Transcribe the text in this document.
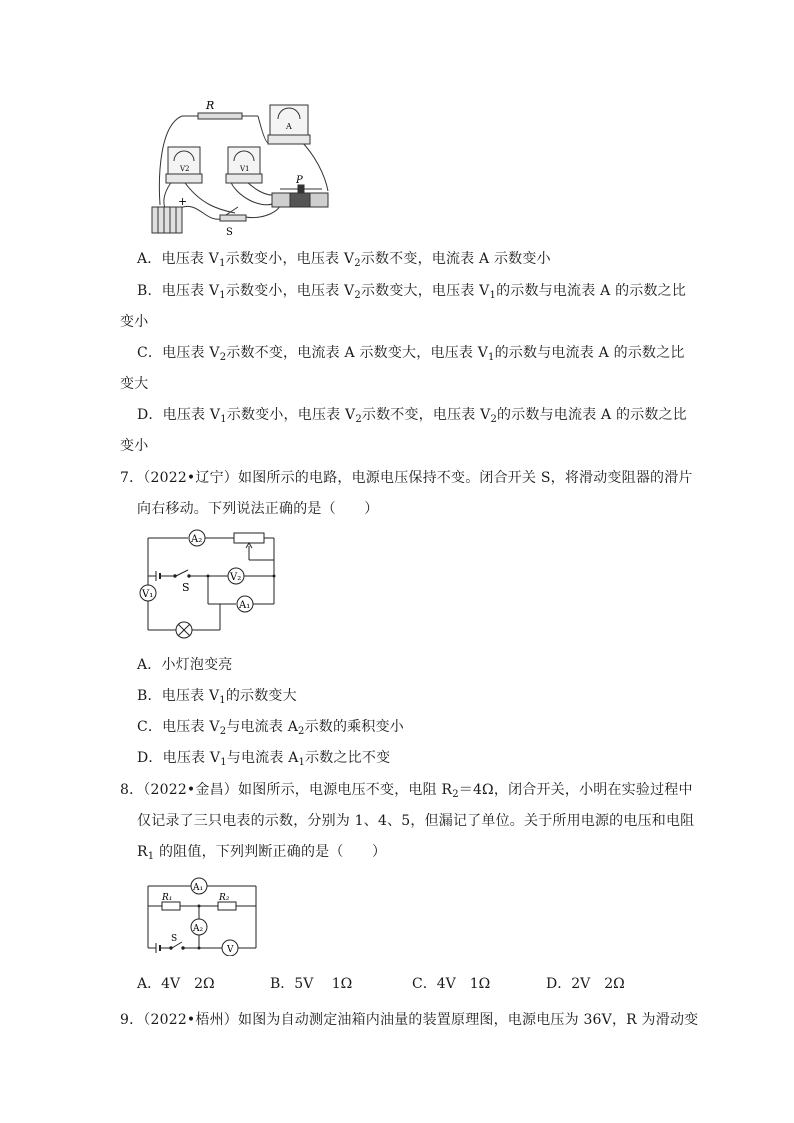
R
A
V2	V1
P
S
+
A．电压表 $V_1$示数变小，电压表 $V_2$示数不变，电流表 A 示数变小
B．电压表 $V_1$示数变小，电压表 $V_2$示数变大，电压表 $V_1$的示数与电流表 A 的示数之比
变小
C．电压表 $V_2$示数不变，电流表 A 示数变大，电压表 $V_1$的示数与电流表 A 的示数之比
变大
D．电压表 $V_1$示数变小，电压表 $V_2$示数不变，电压表 $V_2$的示数与电流表 A 的示数之比
变小
7．（2022•辽宁）如图所示的电路，电源电压保持不变。闭合开关 S，将滑动变阻器的滑片
向右移动。下列说法正确的是（　　）
A₂
V₂
V₁
A₁
S
A．小灯泡变亮
B．电压表 $V_1$的示数变大
C．电压表 $V_2$与电流表 $A_2$示数的乘积变小
D．电压表 $V_1$与电流表 $A_1$示数之比不变
8．（2022•金昌）如图所示，电源电压不变，电阻 $R_2=4\Omega$，闭合开关，小明在实验过程中
仅记录了三只电表的示数，分别为 1、4、5，但漏记了单位。关于所用电源的电压和电阻
$R_1$ 的阻值，下列判断正确的是（　　）
A₁
R₁	R₂
A₂
V
S
A．4V　2Ω	B．5V　 1Ω	C．4V　1Ω	D．2V　2Ω
9．（2022•梧州）如图为自动测定油箱内油量的装置原理图，电源电压为 36V，R 为滑动变
